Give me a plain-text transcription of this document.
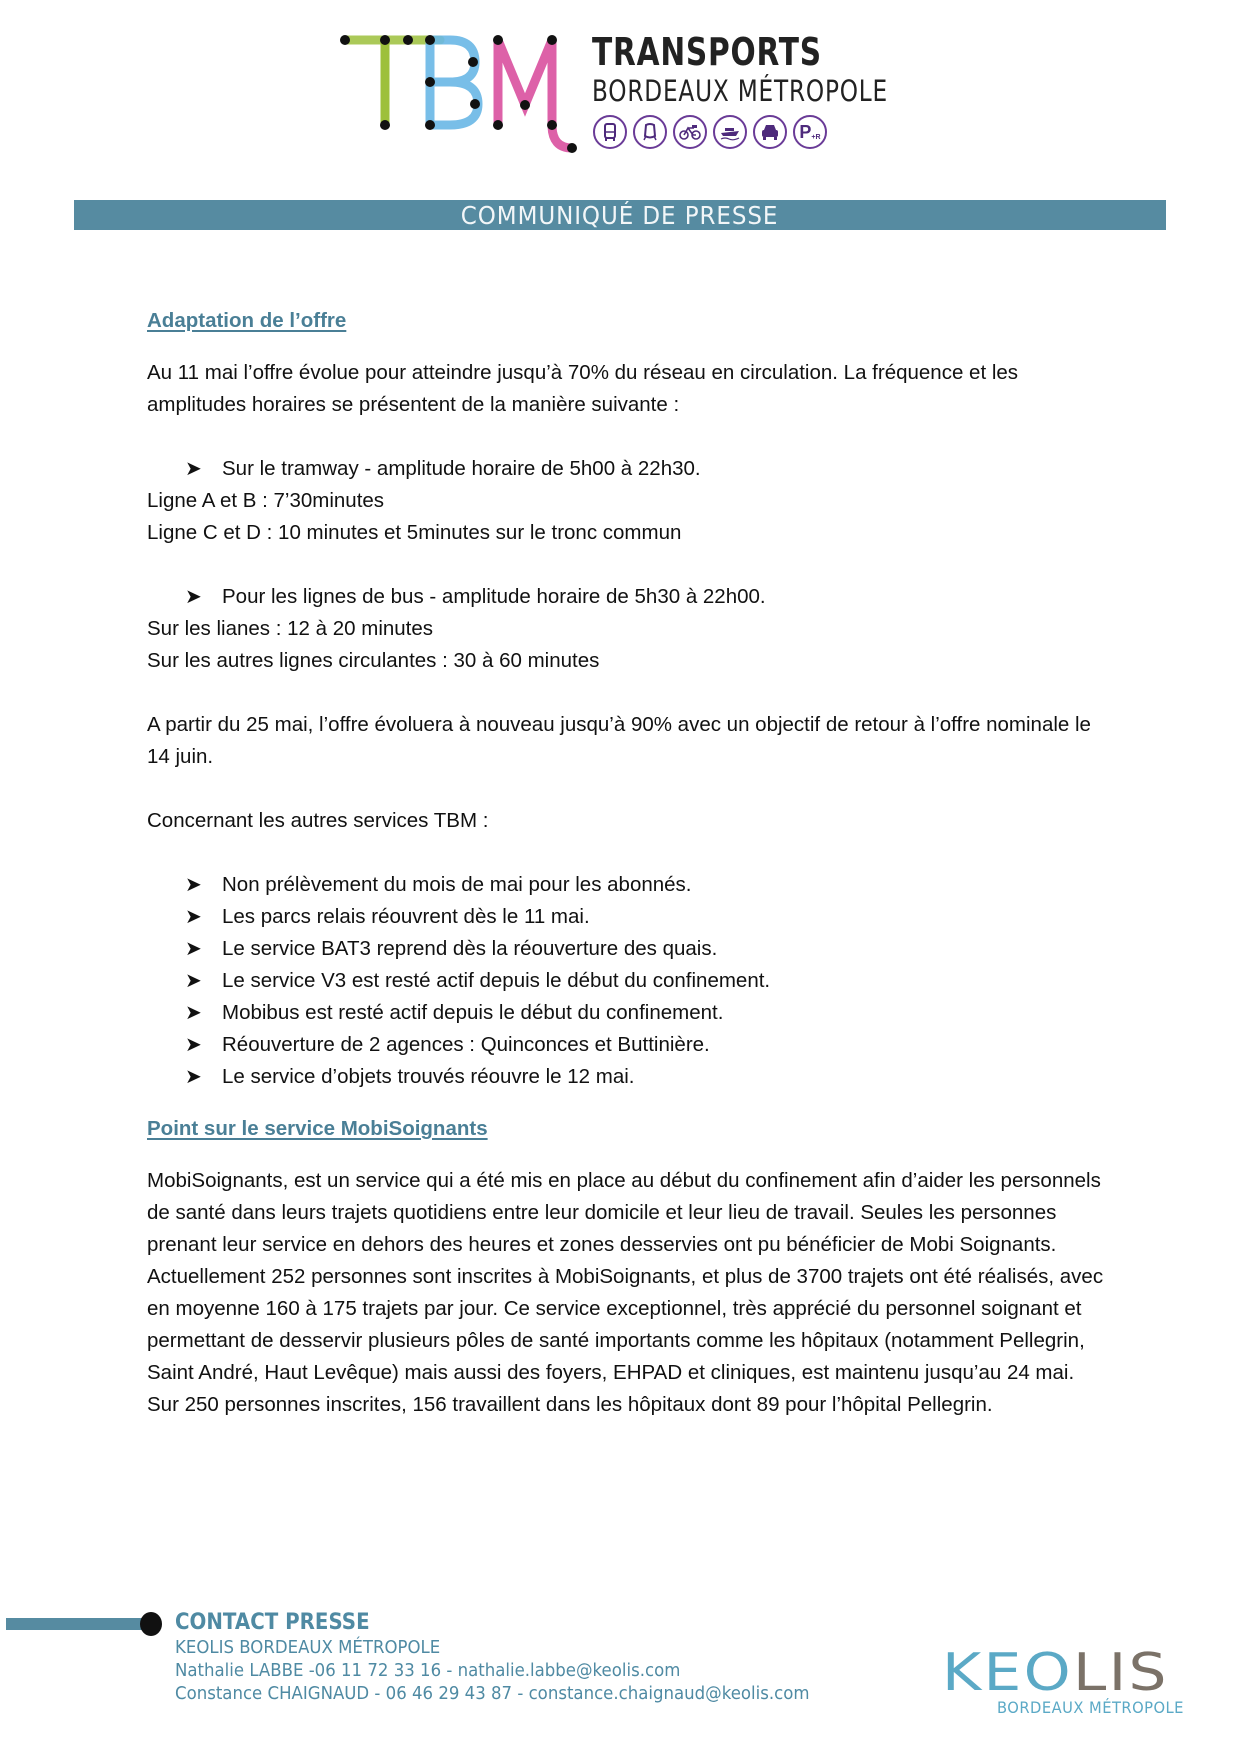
TRANSPORTS
BORDEAUX MÉTROPOLE
P +R
COMMUNIQUÉ DE PRESSE
Adaptation de l’offre

Au 11 mai l’offre évolue pour atteindre jusqu’à 70% du réseau en circulation. La fréquence et les amplitudes horaires se présentent de la manière suivante :

➤ Sur le tramway - amplitude horaire de 5h00 à 22h30.

Ligne A et B : 7’30minutes

Ligne C et D : 10 minutes et 5minutes sur le tronc commun

➤ Pour les lignes de bus - amplitude horaire de 5h30 à 22h00.

Sur les lianes : 12 à 20 minutes

Sur les autres lignes circulantes : 30 à 60 minutes

A partir du 25 mai, l’offre évoluera à nouveau jusqu’à 90% avec un objectif de retour à l’offre nominale le 14 juin.

Concernant les autres services TBM :

➤ Non prélèvement du mois de mai pour les abonnés.
➤ Les parcs relais réouvrent dès le 11 mai.
➤ Le service BAT3 reprend dès la réouverture des quais.
➤ Le service V3 est resté actif depuis le début du confinement.
➤ Mobibus est resté actif depuis le début du confinement.
➤ Réouverture de 2 agences : Quinconces et Buttinière.
➤ Le service d’objets trouvés réouvre le 12 mai.
Point sur le service MobiSoignants

MobiSoignants, est un service qui a été mis en place au début du confinement afin d’aider les personnels de santé dans leurs trajets quotidiens entre leur domicile et leur lieu de travail. Seules les personnes prenant leur service en dehors des heures et zones desservies ont pu bénéficier de Mobi Soignants.

Actuellement 252 personnes sont inscrites à MobiSoignants, et plus de 3700 trajets ont été réalisés, avec en moyenne 160 à 175 trajets par jour. Ce service exceptionnel, très apprécié du personnel soignant et permettant de desservir plusieurs pôles de santé importants comme les hôpitaux (notamment Pellegrin, Saint André, Haut Levêque) mais aussi des foyers, EHPAD et cliniques, est maintenu jusqu’au 24 mai.

Sur 250 personnes inscrites, 156 travaillent dans les hôpitaux dont 89 pour l’hôpital Pellegrin.

CONTACT PRESSE
KEOLIS BORDEAUX MÉTROPOLE
Nathalie LABBE -06 11 72 33 16 - nathalie.labbe@keolis.com
Constance CHAIGNAUD - 06 46 29 43 87 - constance.chaignaud@keolis.com	KEOLIS
BORDEAUX MÉTROPOLE
